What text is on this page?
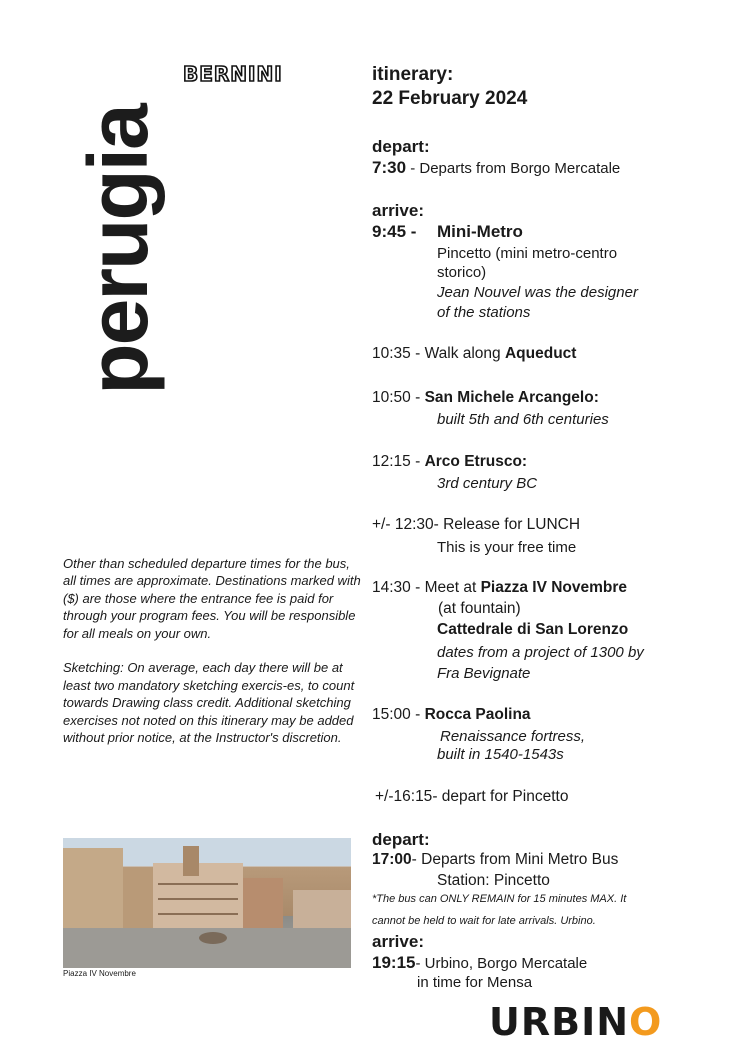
perugia
BERNINI	itinerary:
22 February 2024
depart:
7:30 - Departs from Borgo Mercatale
arrive:
9:45 - Mini-Metro
Pincetto (mini metro-centro
storico)
Jean Nouvel was the designer
of the stations
10:35 - Walk along Aqueduct
10:50 - San Michele Arcangelo:
built 5th and 6th centuries
12:15 - Arco Etrusco:
3rd century BC
+/- 12:30- Release for LUNCH
This is your free time
14:30 - Meet at Piazza IV Novembre
(at fountain)
Cattedrale di San Lorenzo
dates from a project of 1300 by
Fra Bevignate
15:00 - Rocca Paolina
Renaissance fortress,
built in 1540-1543s
+/-16:15- depart for Pincetto
depart:
17:00- Departs from Mini Metro Bus
Station: Pincetto
*The bus can ONLY REMAIN for 15 minutes MAX. It
cannot be held to wait for late arrivals. Urbino.
arrive:
19:15- Urbino, Borgo Mercatale
in time for Mensa

Other than scheduled departure times for the bus, all times are approximate. Destinations marked with ($) are those where the entrance fee is paid for through your program fees. You will be responsible for all meals on your own.

Sketching: On average, each day there will be at least two mandatory sketching exercis-es, to count towards Drawing class credit. Additional sketching exercises not noted on this itinerary may be added without prior notice, at the Instructor's discretion.

Piazza IV Novembre
URBINO
